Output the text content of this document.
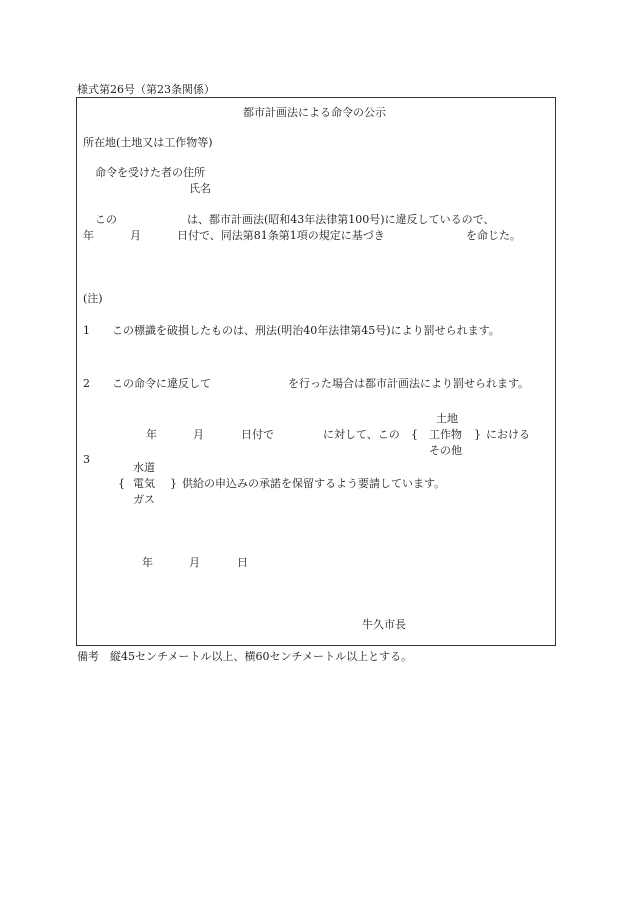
様式第26号（第23条関係）
都市計画法による命令の公示
所在地(土地又は工作物等)
命令を受けた者の住所
氏名
この	は、都市計画法(昭和43年法律第100号)に違反しているので、
年	月	日付で、同法第81条第1項の規定に基づき	を命じた。
(注)
1 この標識を破損したものは、刑法(明治40年法律第45号)により罰せられます。
2 この命令に違反して	を行った場合は都市計画法により罰せられます。
土地
年	月	日付で	に対して、この { 工作物 } における
その他
3
水道
{ 電気 } 供給の申込みの承諾を保留するよう要請しています。
ガス
年	月	日
牛久市長
備考　縦45センチメートル以上、横60センチメートル以上とする。
